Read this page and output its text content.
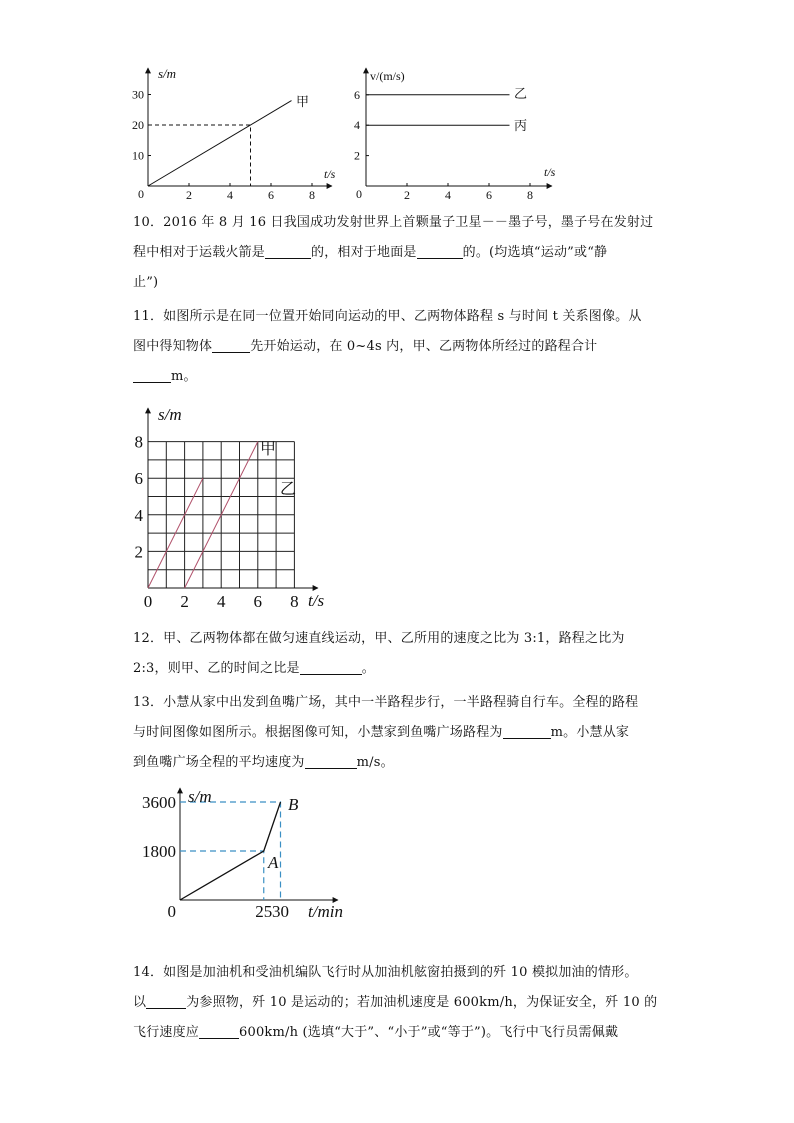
2	4	6	8
10
20
30
s/m
t/s
0
甲
2	4	6	8
2
4
6
v/(m/s)
t/s
0
乙
丙
10．2016 年 8 月 16 日我国成功发射世界上首颗量子卫星－－墨子号，墨子号在发射过
程中相对于运载火箭是	的，相对于地面是	的。(均选填“运动”或“静
止”)
11．如图所示是在同一位置开始同向运动的甲、乙两物体路程 s 与时间 t 关系图像。从
图中得知物体	先开始运动，在 0~4s 内，甲、乙两物体所经过的路程合计
m。
0 2 4 6 8
2
4
6
8
s/m
t/s
甲
乙
12．甲、乙两物体都在做匀速直线运动，甲、乙所用的速度之比为 3:1，路程之比为
2:3，则甲、乙的时间之比是	。
13．小慧从家中出发到鱼嘴广场，其中一半路程步行，一半路程骑自行车。全程的路程
与时间图像如图所示。根据图像可知，小慧家到鱼嘴广场路程为	m。小慧从家
到鱼嘴广场全程的平均速度为	m/s。
25 30
1800
3600 s/m
t/min
0
A
B
14．如图是加油机和受油机编队飞行时从加油机舷窗拍摄到的歼 10 模拟加油的情形。
以	为参照物，歼 10 是运动的；若加油机速度是 600km/h，为保证安全，歼 10 的
飞行速度应	600km/h (选填“大于”、“小于”或“等于”)。飞行中飞行员需佩戴
